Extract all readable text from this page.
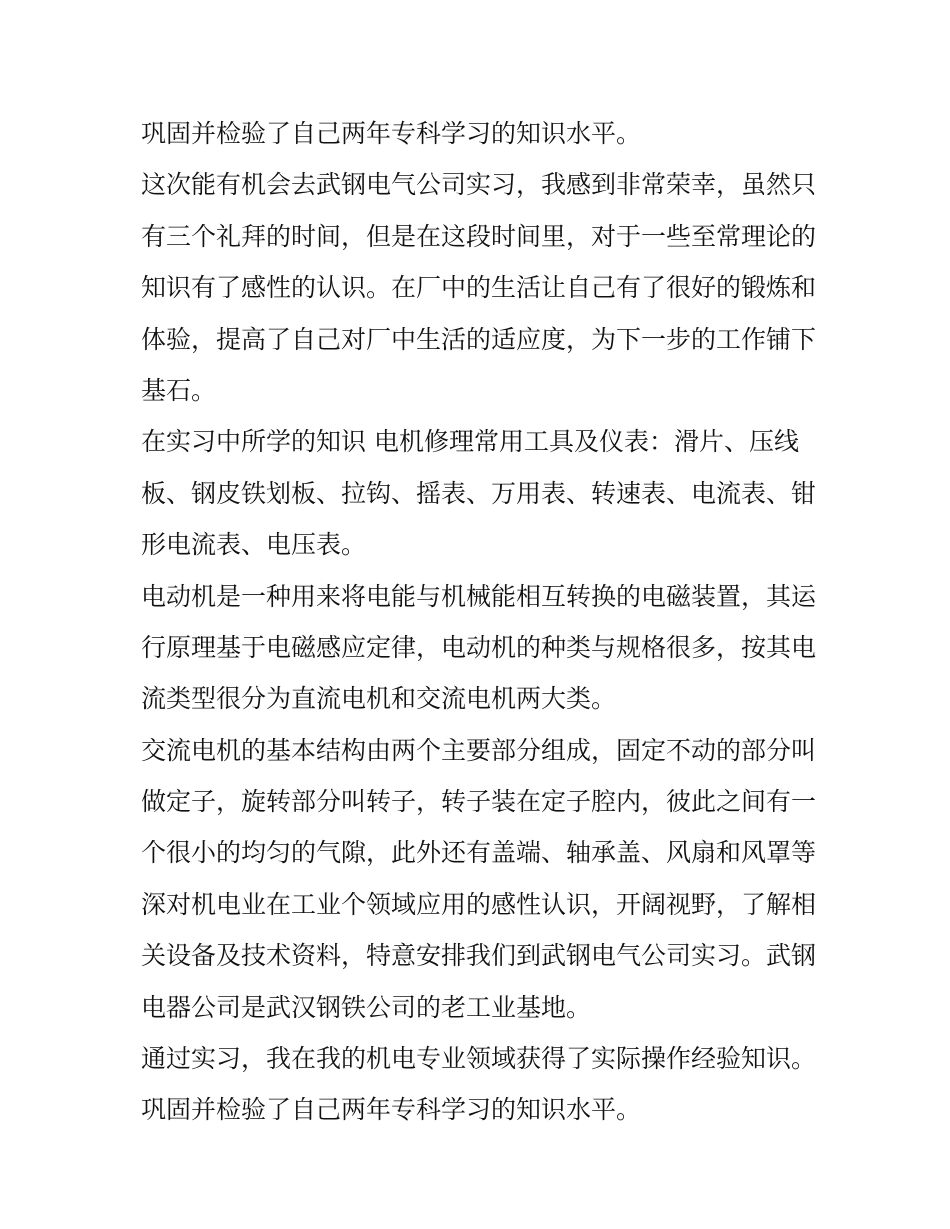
巩固并检验了自己两年专科学习的知识水平。
这次能有机会去武钢电气公司实习，我感到非常荣幸，虽然只
有三个礼拜的时间，但是在这段时间里，对于一些至常理论的
知识有了感性的认识。在厂中的生活让自己有了很好的锻炼和
体验，提高了自己对厂中生活的适应度，为下一步的工作铺下
基石。
在实习中所学的知识 电机修理常用工具及仪表：滑片、压线
板、钢皮铁划板、拉钩、摇表、万用表、转速表、电流表、钳
形电流表、电压表。
电动机是一种用来将电能与机械能相互转换的电磁装置，其运
行原理基于电磁感应定律，电动机的种类与规格很多，按其电
流类型很分为直流电机和交流电机两大类。
交流电机的基本结构由两个主要部分组成，固定不动的部分叫
做定子，旋转部分叫转子，转子装在定子腔内，彼此之间有一
个很小的均匀的气隙，此外还有盖端、轴承盖、风扇和风罩等
深对机电业在工业个领域应用的感性认识，开阔视野，了解相
关设备及技术资料，特意安排我们到武钢电气公司实习。武钢
电器公司是武汉钢铁公司的老工业基地。
通过实习，我在我的机电专业领域获得了实际操作经验知识。
巩固并检验了自己两年专科学习的知识水平。
